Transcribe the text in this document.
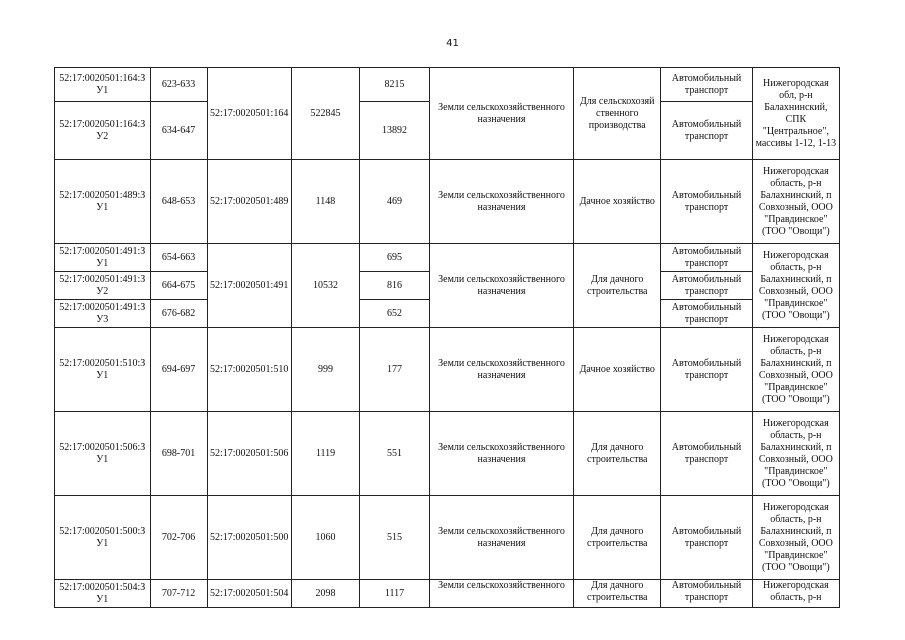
41
52:17:0020501:164:ЗУ1	623-633	52:17:0020501:164	522845	8215	Земли сельскохозяйственного назначения	Для сельскохозяй ственного производства	Автомобильный транспорт	Нижегородская обл, р-н Балахнинский, СПК "Центральное", массивы 1-12, 1-13
52:17:0020501:164:ЗУ2	634-647			13892			Автомобильный транспорт	
52:17:0020501:489:ЗУ1	648-653	52:17:0020501:489	1148	469	Земли сельскохозяйственного назначения	Дачное хозяйство	Автомобильный транспорт	Нижегородская область, р-н Балахнинский, п Совхозный, ООО "Правдинское" (ТОО "Овощи")
52:17:0020501:491:ЗУ1	654-663	52:17:0020501:491	10532	695	Земли сельскохозяйственного назначения	Для дачного строительства	Автомобильный транспорт	Нижегородская область, р-н Балахнинский, п Совхозный, ООО "Правдинское" (ТОО "Овощи")
52:17:0020501:491:ЗУ2	664-675			816			Автомобильный транспорт	
52:17:0020501:491:ЗУ3	676-682			652			Автомобильный транспорт	
52:17:0020501:510:ЗУ1	694-697	52:17:0020501:510	999	177	Земли сельскохозяйственного назначения	Дачное хозяйство	Автомобильный транспорт	Нижегородская область, р-н Балахнинский, п Совхозный, ООО "Правдинское" (ТОО "Овощи")
52:17:0020501:506:ЗУ1	698-701	52:17:0020501:506	1119	551	Земли сельскохозяйственного назначения	Для дачного строительства	Автомобильный транспорт	Нижегородская область, р-н Балахнинский, п Совхозный, ООО "Правдинское" (ТОО "Овощи")
52:17:0020501:500:ЗУ1	702-706	52:17:0020501:500	1060	515	Земли сельскохозяйственного назначения	Для дачного строительства	Автомобильный транспорт	Нижегородская область, р-н Балахнинский, п Совхозный, ООО "Правдинское" (ТОО "Овощи")
52:17:0020501:504:ЗУ1	707-712	52:17:0020501:504	2098	1117	Земли сельскохозяйственного	Для дачного строительства	Автомобильный транспорт	Нижегородская область, р-н
